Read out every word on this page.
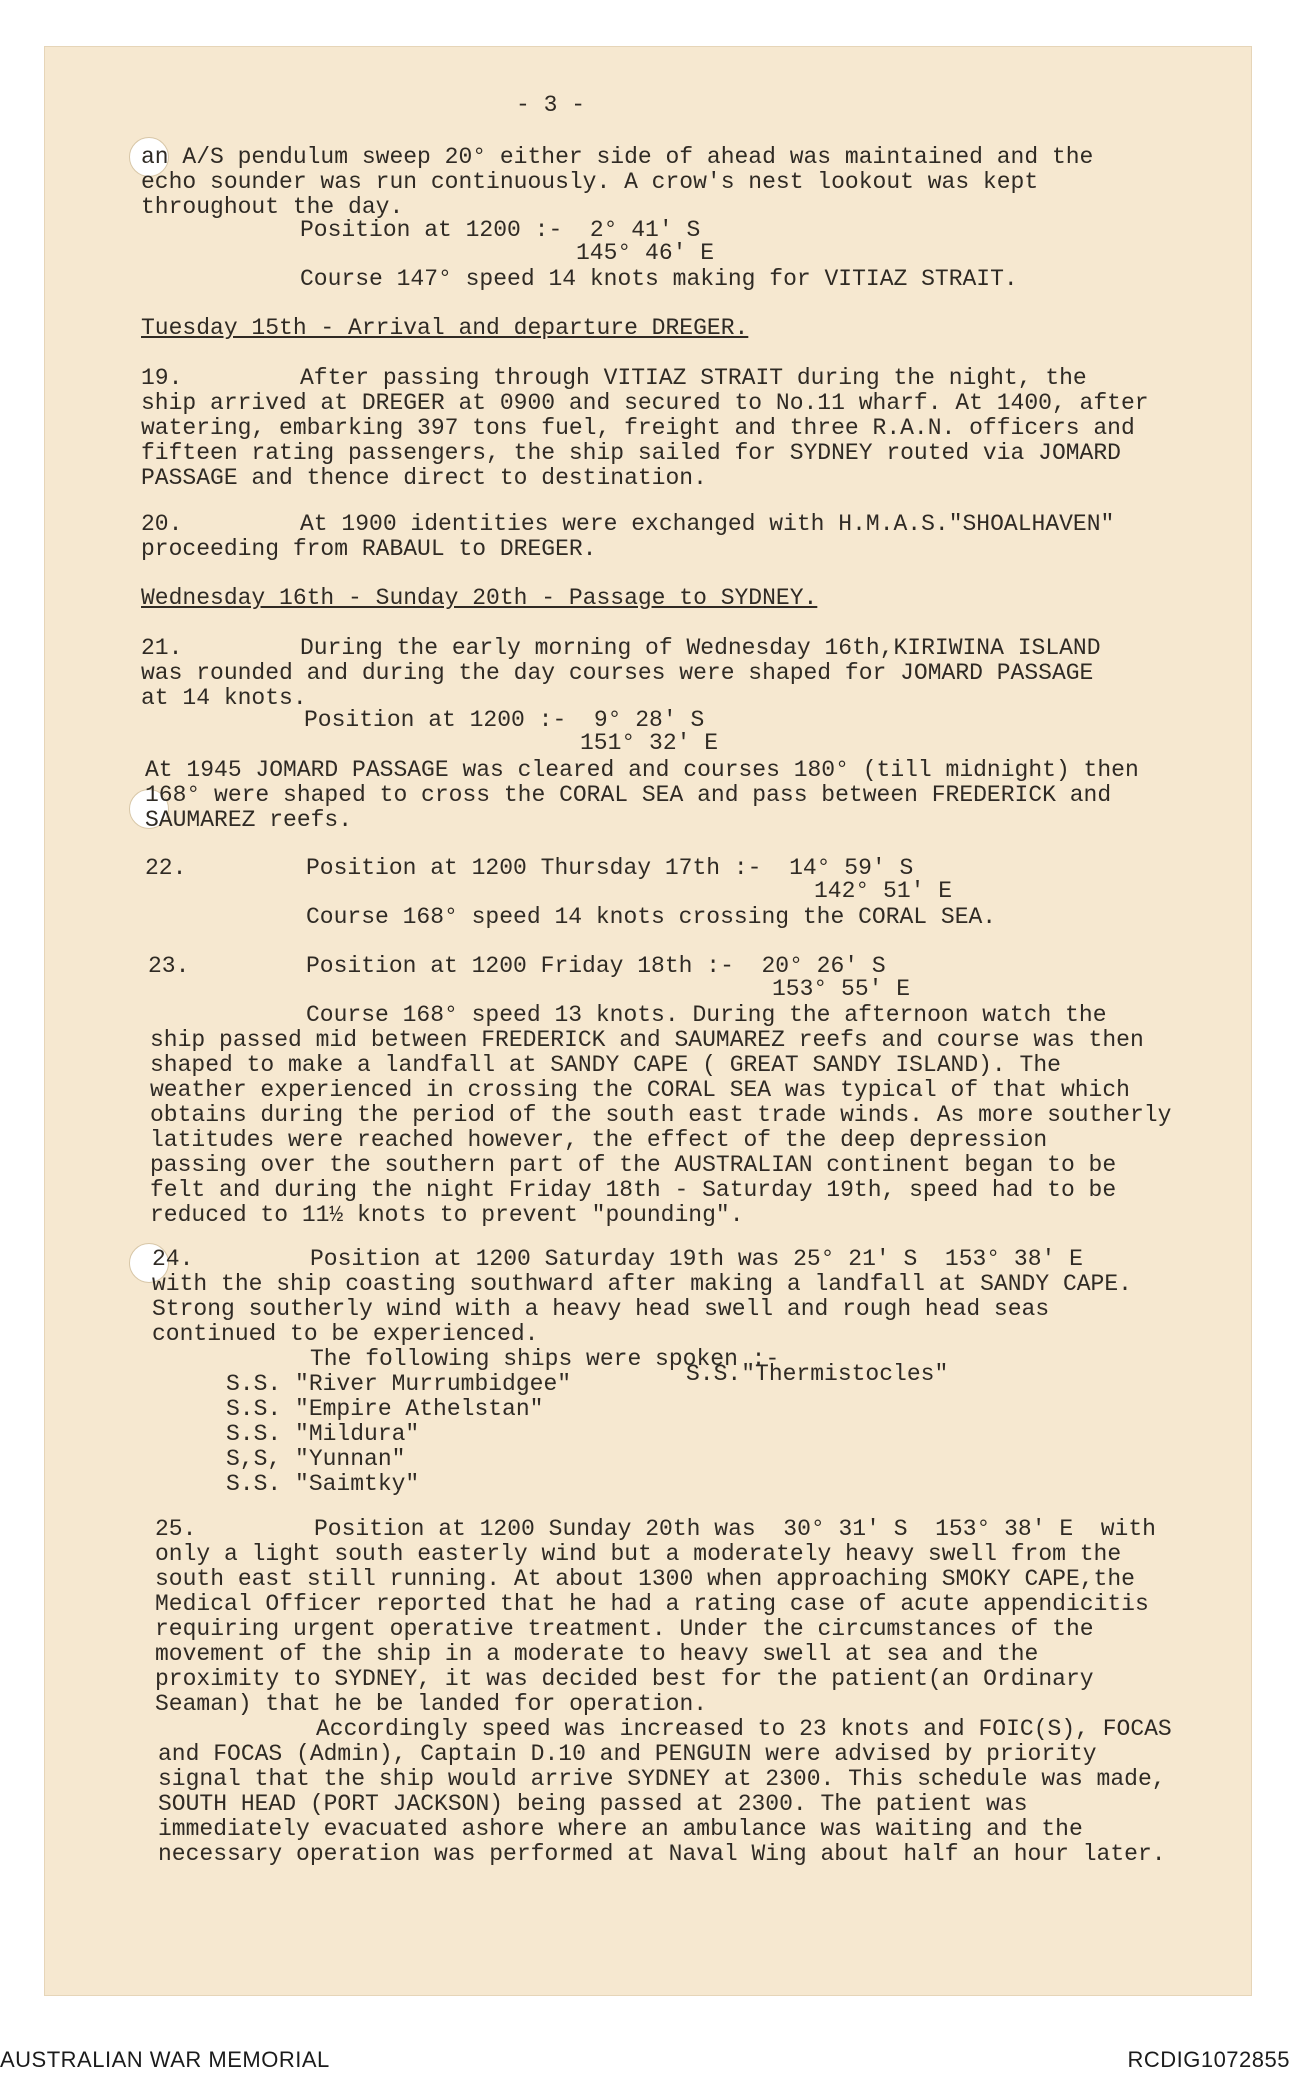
- 3 -
an A/S pendulum sweep 20° either side of ahead was maintained and the
echo sounder was run continuously. A crow's nest lookout was kept
throughout the day.
Position at 1200 :-  2° 41' S
145° 46' E
Course 147° speed 14 knots making for VITIAZ STRAIT.
Tuesday 15th - Arrival and departure DREGER.
19.	After passing through VITIAZ STRAIT during the night, the
ship arrived at DREGER at 0900 and secured to No.11 wharf. At 1400, after
watering, embarking 397 tons fuel, freight and three R.A.N. officers and
fifteen rating passengers, the ship sailed for SYDNEY routed via JOMARD
PASSAGE and thence direct to destination.
20.	At 1900 identities were exchanged with H.M.A.S."SHOALHAVEN"
proceeding from RABAUL to DREGER.
Wednesday 16th - Sunday 20th - Passage to SYDNEY.
21.	During the early morning of Wednesday 16th,KIRIWINA ISLAND
was rounded and during the day courses were shaped for JOMARD PASSAGE
at 14 knots.
Position at 1200 :-  9° 28' S
151° 32' E
At 1945 JOMARD PASSAGE was cleared and courses 180° (till midnight) then
168° were shaped to cross the CORAL SEA and pass between FREDERICK and
SAUMAREZ reefs.
22.	Position at 1200 Thursday 17th :-  14° 59' S
142° 51' E
Course 168° speed 14 knots crossing the CORAL SEA.
23.	Position at 1200 Friday 18th :-  20° 26' S
153° 55' E
Course 168° speed 13 knots. During the afternoon watch the
ship passed mid between FREDERICK and SAUMAREZ reefs and course was then
shaped to make a landfall at SANDY CAPE ( GREAT SANDY ISLAND). The
weather experienced in crossing the CORAL SEA was typical of that which
obtains during the period of the south east trade winds. As more southerly
latitudes were reached however, the effect of the deep depression
passing over the southern part of the AUSTRALIAN continent began to be
felt and during the night Friday 18th - Saturday 19th, speed had to be
reduced to 11½ knots to prevent "pounding".
24.	Position at 1200 Saturday 19th was 25° 21' S  153° 38' E
with the ship coasting southward after making a landfall at SANDY CAPE.
Strong southerly wind with a heavy head swell and rough head seas
continued to be experienced.
The following ships were spoken :-
S.S. "River Murrumbidgee"	S.S."Thermistocles"
S.S. "Empire Athelstan"
S.S. "Mildura"
S,S, "Yunnan"
S.S. "Saimtky"
25.	Position at 1200 Sunday 20th was  30° 31' S  153° 38' E  with
only a light south easterly wind but a moderately heavy swell from the
south east still running. At about 1300 when approaching SMOKY CAPE,the
Medical Officer reported that he had a rating case of acute appendicitis
requiring urgent operative treatment. Under the circumstances of the
movement of the ship in a moderate to heavy swell at sea and the
proximity to SYDNEY, it was decided best for the patient(an Ordinary
Seaman) that he be landed for operation.
Accordingly speed was increased to 23 knots and FOIC(S), FOCAS
and FOCAS (Admin), Captain D.10 and PENGUIN were advised by priority
signal that the ship would arrive SYDNEY at 2300. This schedule was made,
SOUTH HEAD (PORT JACKSON) being passed at 2300. The patient was
immediately evacuated ashore where an ambulance was waiting and the
necessary operation was performed at Naval Wing about half an hour later.
AUSTRALIAN WAR MEMORIAL	RCDIG1072855
